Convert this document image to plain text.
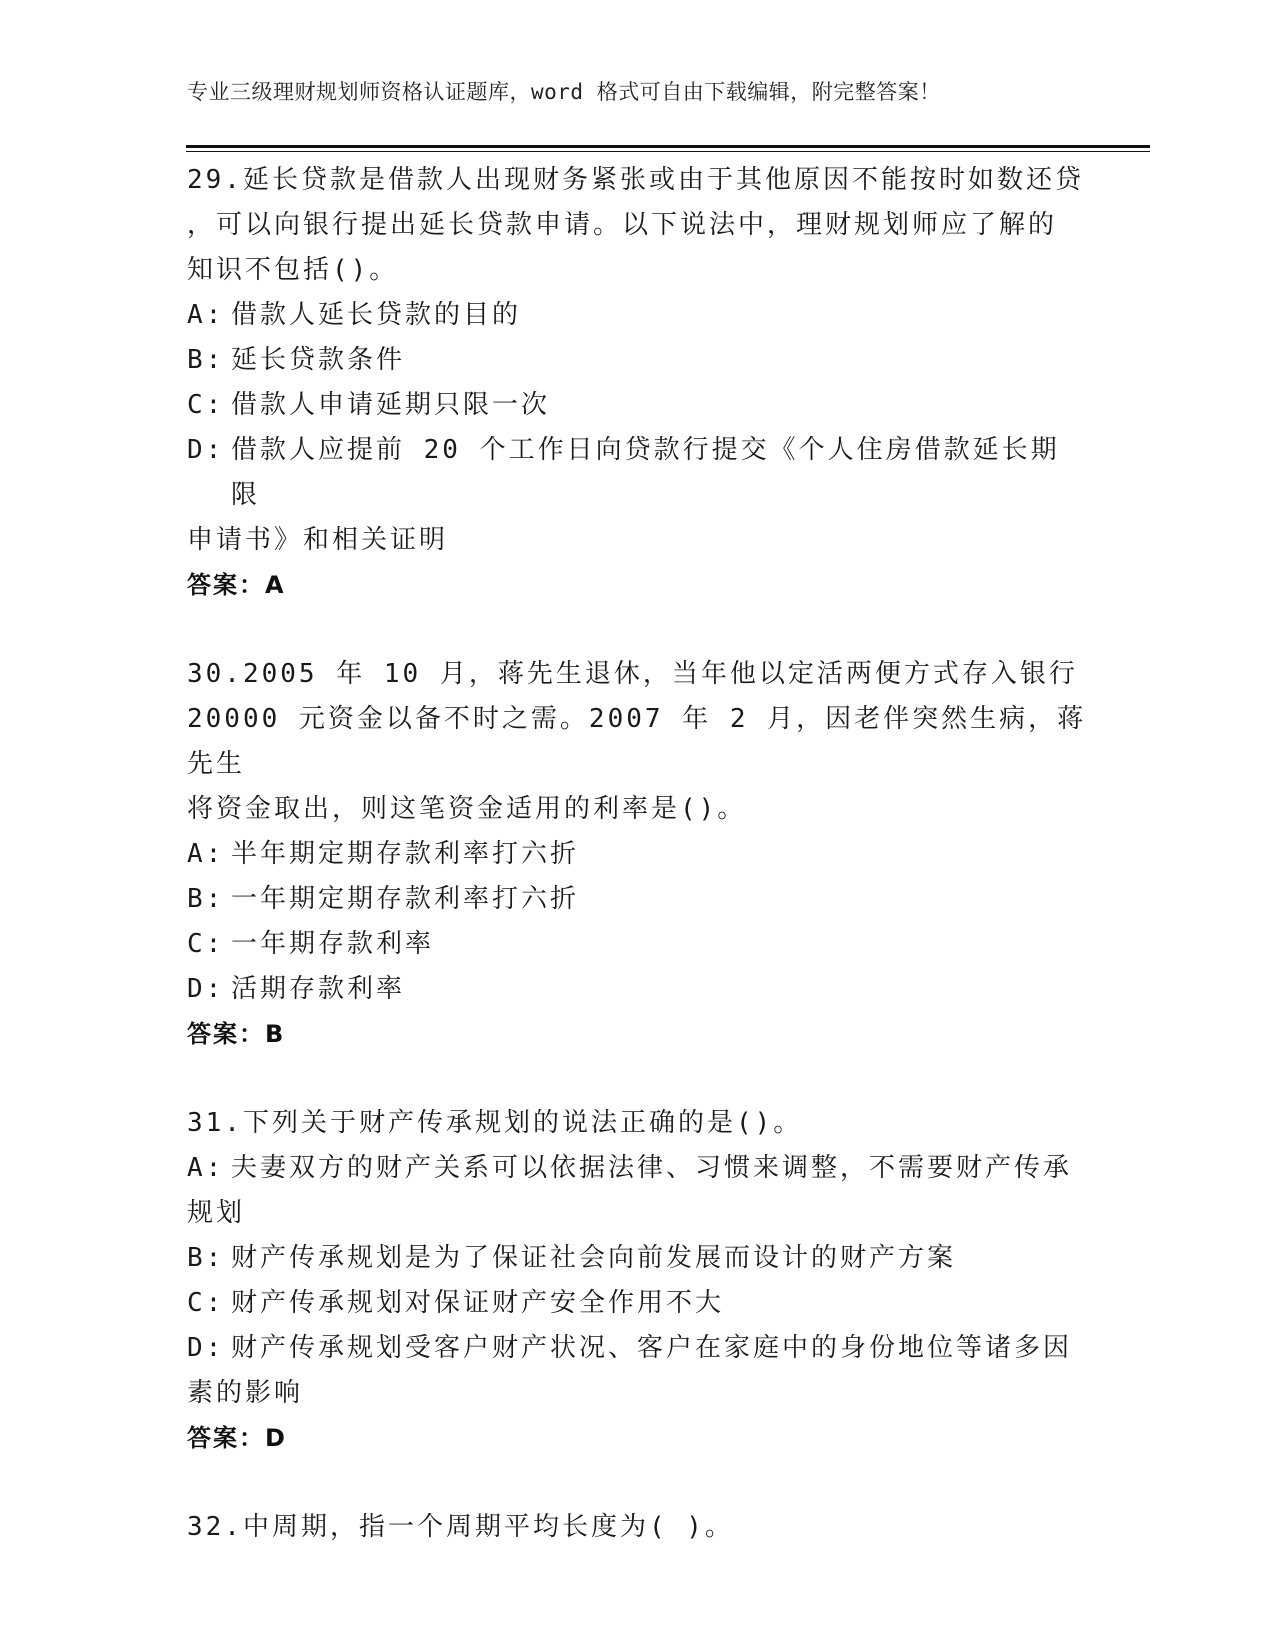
专业三级理财规划师资格认证题库，word 格式可自由下载编辑，附完整答案！
29.延长贷款是借款人出现财务紧张或由于其他原因不能按时如数还贷
，可以向银行提出延长贷款申请。以下说法中，理财规划师应了解的
知识不包括()。
A: 借款人延长贷款的目的
B: 延长贷款条件
C: 借款人申请延期只限一次
D: 借款人应提前 20 个工作日向贷款行提交《个人住房借款延长期限
申请书》和相关证明
答案：A
30.2005 年 10 月，蒋先生退休，当年他以定活两便方式存入银行
20000 元资金以备不时之需。2007 年 2 月，因老伴突然生病，蒋先生
将资金取出，则这笔资金适用的利率是()。
A: 半年期定期存款利率打六折
B: 一年期定期存款利率打六折
C: 一年期存款利率
D: 活期存款利率
答案：B
31.下列关于财产传承规划的说法正确的是()。
A: 夫妻双方的财产关系可以依据法律、习惯来调整，不需要财产传承
规划
B: 财产传承规划是为了保证社会向前发展而设计的财产方案
C: 财产传承规划对保证财产安全作用不大
D: 财产传承规划受客户财产状况、客户在家庭中的身份地位等诸多因
素的影响
答案：D
32.中周期，指一个周期平均长度为( )。
